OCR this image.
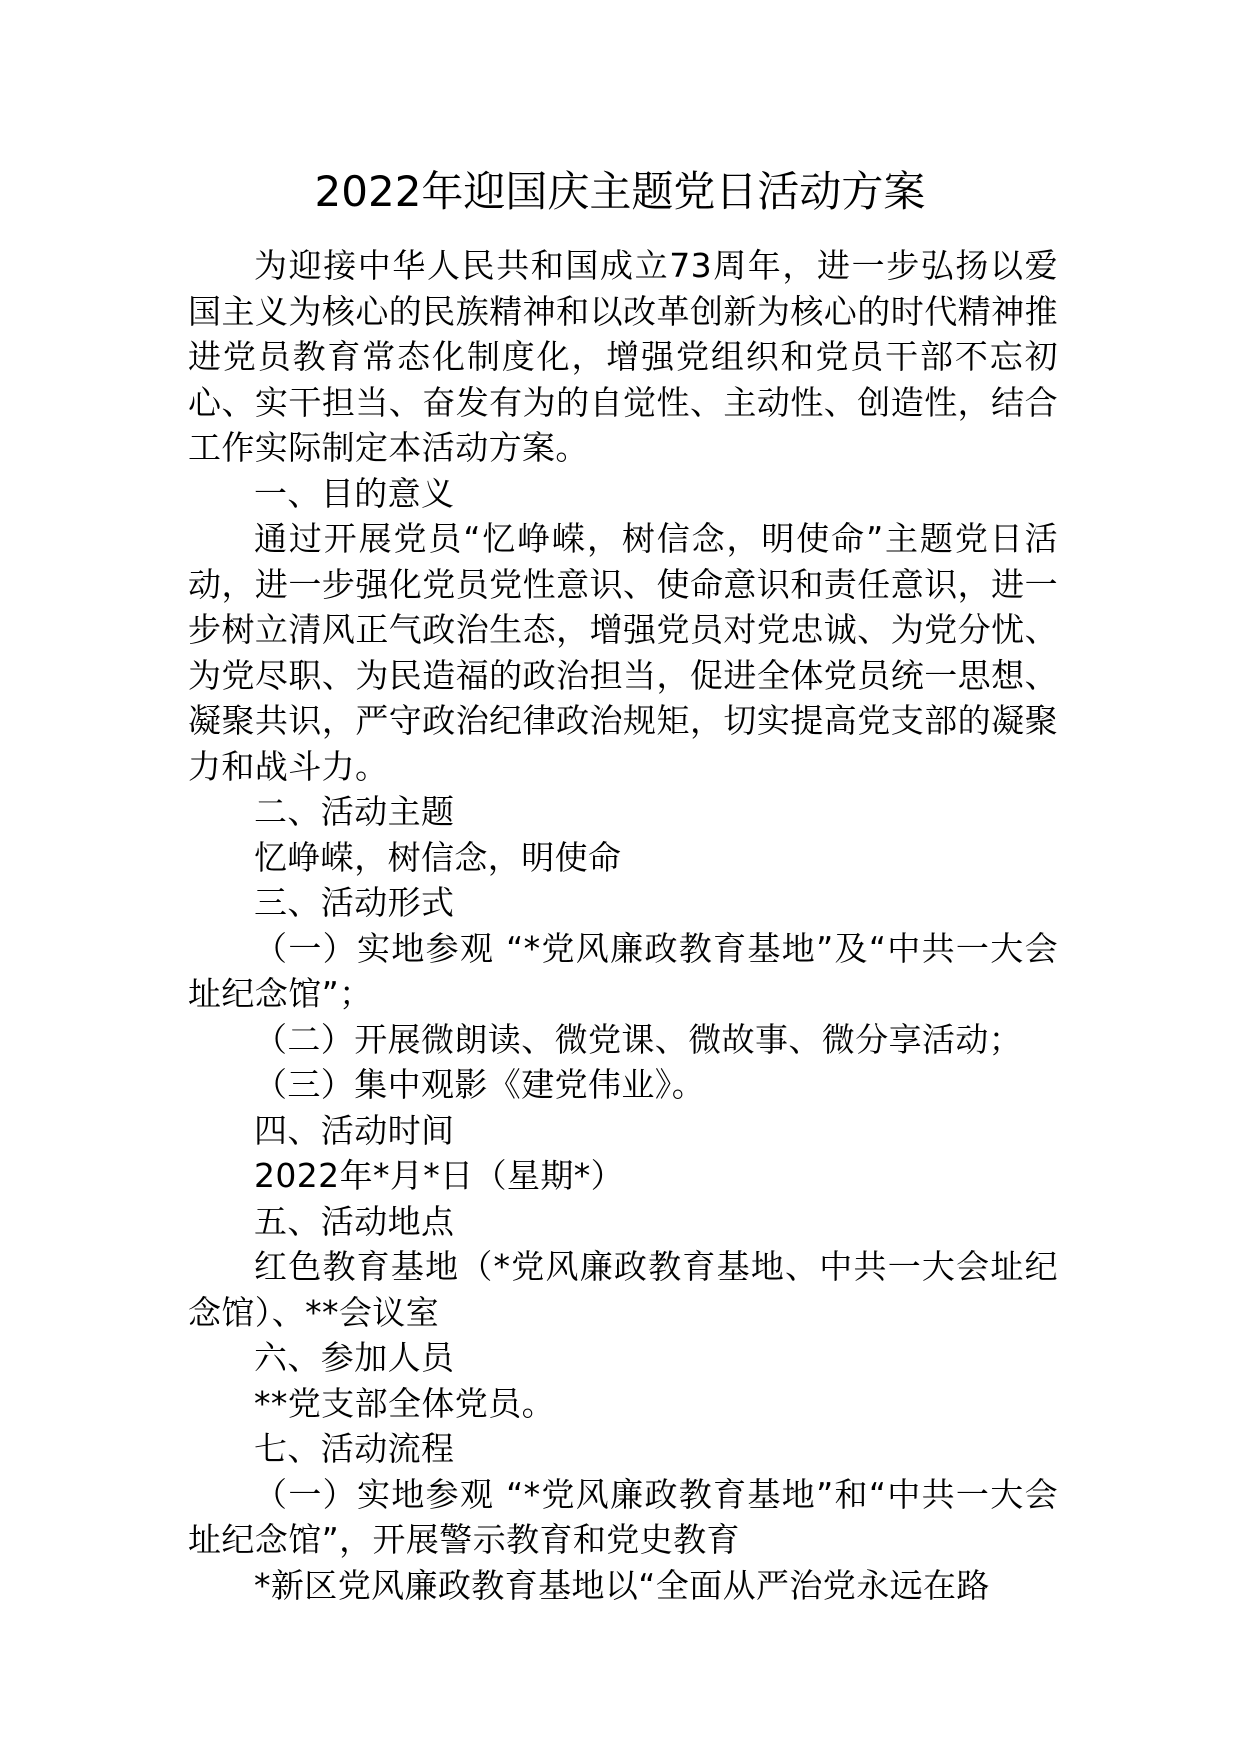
2022年迎国庆主题党日活动方案

为迎接中华人民共和国成立73周年，进一步弘扬以爱国主义为核心的民族精神和以改革创新为核心的时代精神推进党员教育常态化制度化，增强党组织和党员干部不忘初心、实干担当、奋发有为的自觉性、主动性、创造性，结合工作实际制定本活动方案。

一、目的意义

通过开展党员“忆峥嵘，树信念，明使命”主题党日活动，进一步强化党员党性意识、使命意识和责任意识，进一步树立清风正气政治生态，增强党员对党忠诚、为党分忧、为党尽职、为民造福的政治担当，促进全体党员统一思想、凝聚共识，严守政治纪律政治规矩，切实提高党支部的凝聚力和战斗力。

二、活动主题

忆峥嵘，树信念，明使命

三、活动形式

（一）实地参观 “*党风廉政教育基地”及“中共一大会址纪念馆”；

（二）开展微朗读、微党课、微故事、微分享活动；

（三）集中观影《建党伟业》。

四、活动时间

2022年*月*日（星期*）

五、活动地点

红色教育基地（*党风廉政教育基地、中共一大会址纪念馆）、**会议室

六、参加人员

**党支部全体党员。

七、活动流程

（一）实地参观 “*党风廉政教育基地”和“中共一大会址纪念馆”，开展警示教育和党史教育

*新区党风廉政教育基地以“全面从严治党永远在路
